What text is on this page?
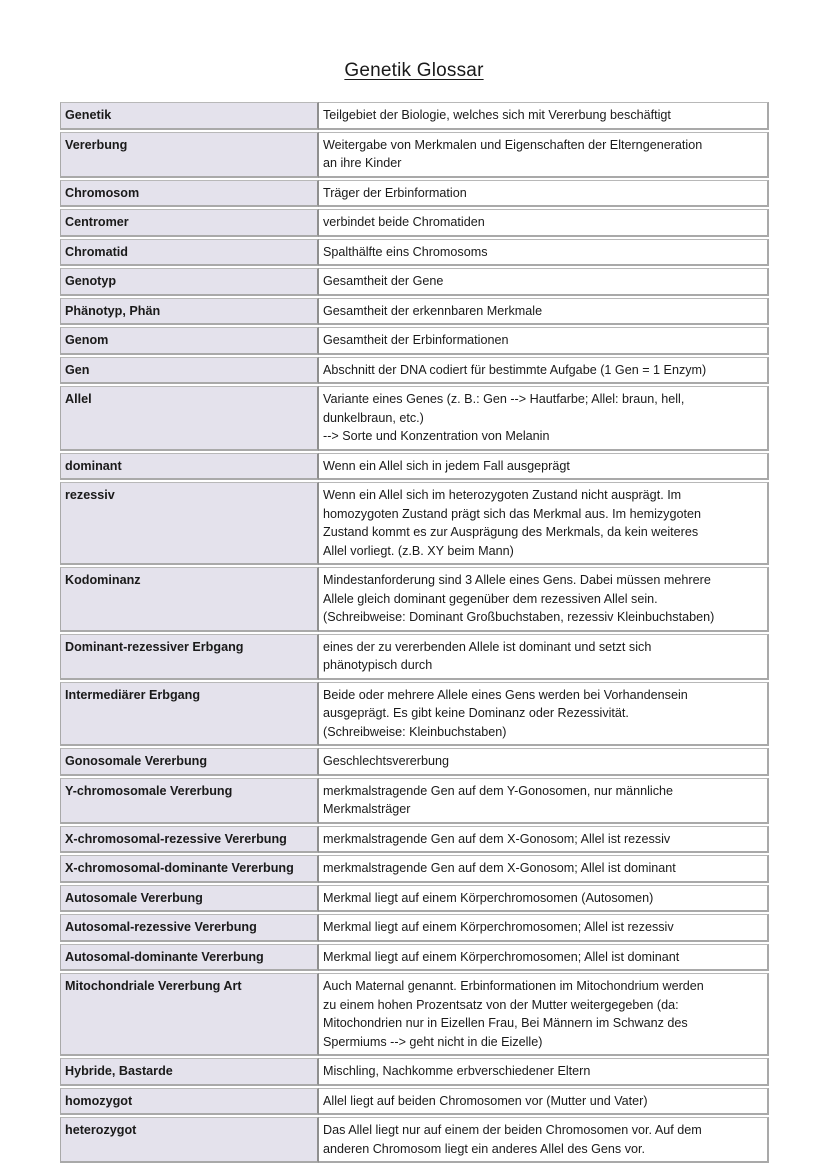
Genetik Glossar
Genetik	Teilgebiet der Biologie, welches sich mit Vererbung beschäftigt

Vererbung	Weitergabe von Merkmalen und Eigenschaften der Elterngeneration
an ihre Kinder

Chromosom	Träger der Erbinformation

Centromer	verbindet beide Chromatiden

Chromatid	Spalthälfte eins Chromosoms

Genotyp	Gesamtheit der Gene

Phänotyp, Phän	Gesamtheit der erkennbaren Merkmale

Genom	Gesamtheit der Erbinformationen

Gen	Abschnitt der DNA codiert für bestimmte Aufgabe (1 Gen = 1 Enzym)

Allel	Variante eines Genes (z. B.: Gen --> Hautfarbe; Allel: braun, hell,
dunkelbraun, etc.)
--> Sorte und Konzentration von Melanin

dominant	Wenn ein Allel sich in jedem Fall ausgeprägt

rezessiv	Wenn ein Allel sich im heterozygoten Zustand nicht ausprägt. Im
homozygoten Zustand prägt sich das Merkmal aus. Im hemizygoten
Zustand kommt es zur Ausprägung des Merkmals, da kein weiteres
Allel vorliegt. (z.B. XY beim Mann)

Kodominanz	Mindestanforderung sind 3 Allele eines Gens. Dabei müssen mehrere
Allele gleich dominant gegenüber dem rezessiven Allel sein.
(Schreibweise: Dominant Großbuchstaben, rezessiv Kleinbuchstaben)

Dominant-rezessiver Erbgang	eines der zu vererbenden Allele ist dominant und setzt sich
phänotypisch durch

Intermediärer Erbgang	Beide oder mehrere Allele eines Gens werden bei Vorhandensein
ausgeprägt. Es gibt keine Dominanz oder Rezessivität.
(Schreibweise: Kleinbuchstaben)

Gonosomale Vererbung	Geschlechtsvererbung

Y-chromosomale Vererbung	merkmalstragende Gen auf dem Y-Gonosomen, nur männliche
Merkmalsträger

X-chromosomal-rezessive Vererbung	merkmalstragende Gen auf dem X-Gonosom; Allel ist rezessiv

X-chromosomal-dominante Vererbung	merkmalstragende Gen auf dem X-Gonosom; Allel ist dominant

Autosomale Vererbung	Merkmal liegt auf einem Körperchromosomen (Autosomen)

Autosomal-rezessive Vererbung	Merkmal liegt auf einem Körperchromosomen; Allel ist rezessiv

Autosomal-dominante Vererbung	Merkmal liegt auf einem Körperchromosomen; Allel ist dominant

Mitochondriale Vererbung Art	Auch Maternal genannt. Erbinformationen im Mitochondrium werden
zu einem hohen Prozentsatz von der Mutter weitergegeben (da:
Mitochondrien nur in Eizellen Frau, Bei Männern im Schwanz des
Spermiums --> geht nicht in die Eizelle)

Hybride, Bastarde	Mischling, Nachkomme erbverschiedener Eltern

homozygot	Allel liegt auf beiden Chromosomen vor (Mutter und Vater)

heterozygot	Das Allel liegt nur auf einem der beiden Chromosomen vor. Auf dem
anderen Chromosom liegt ein anderes Allel des Gens vor.
